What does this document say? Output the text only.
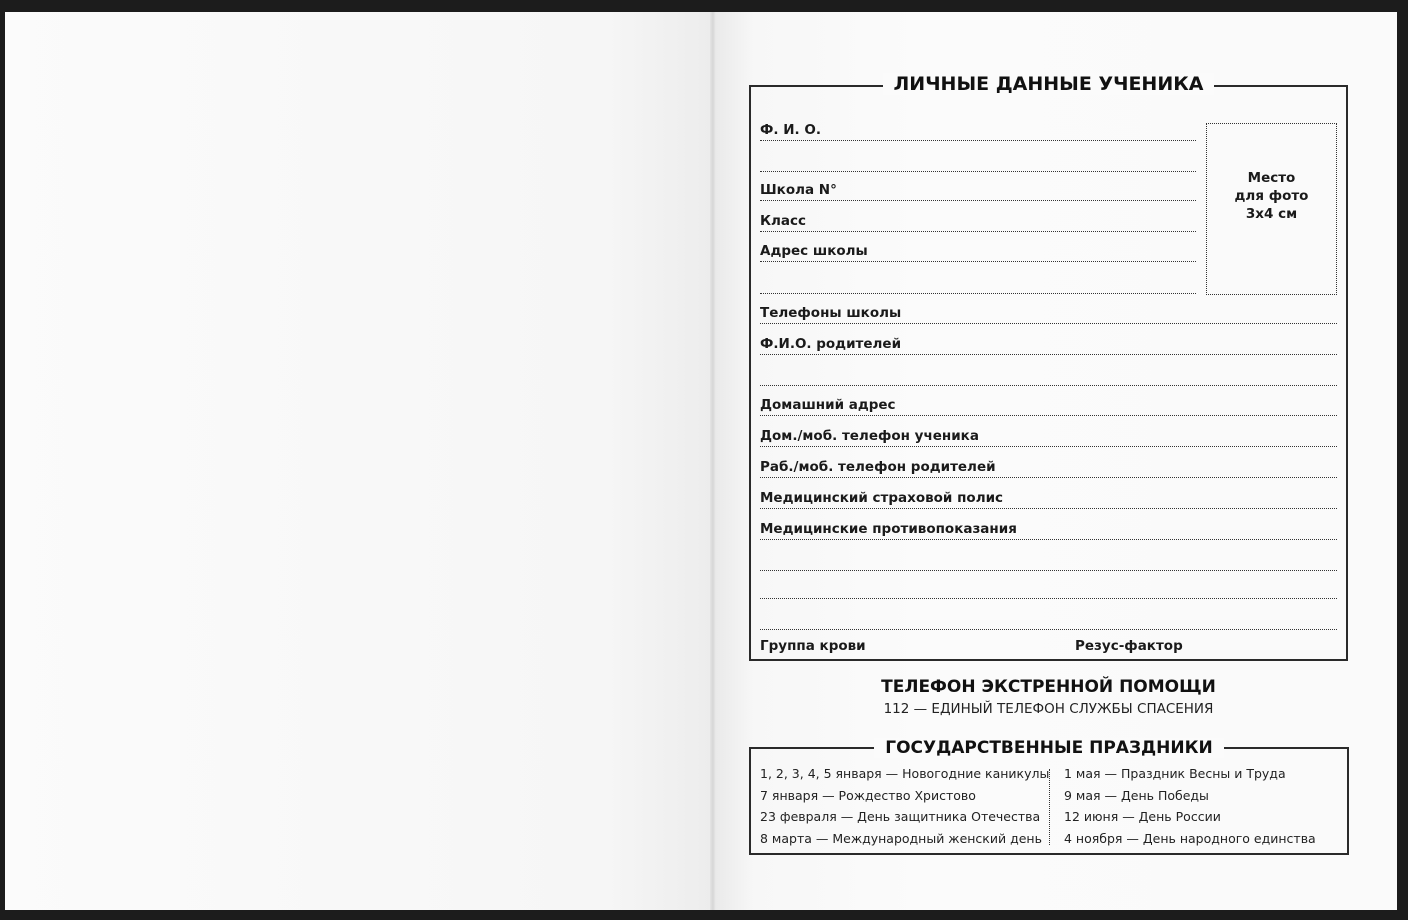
ЛИЧНЫЕ ДАННЫЕ УЧЕНИКА
Ф. И. О.
Школа N°
Класс
Адрес школы
Место
для фото
3х4 см
Телефоны школы
Ф.И.О. родителей
Домашний адрес
Дом./моб. телефон ученика
Раб./моб. телефон родителей
Медицинский страховой полис
Медицинские противопоказания
Группа крови	Резус-фактор
ТЕЛЕФОН ЭКСТРЕННОЙ ПОМОЩИ
112 — ЕДИНЫЙ ТЕЛЕФОН СЛУЖБЫ СПАСЕНИЯ
ГОСУДАРСТВЕННЫЕ ПРАЗДНИКИ
1, 2, 3, 4, 5 января — Новогодние каникулы
7 января — Рождество Христово
23 февраля — День защитника Отечества
8 марта — Международный женский день
1 мая — Праздник Весны и Труда
9 мая — День Победы
12 июня — День России
4 ноября — День народного единства
